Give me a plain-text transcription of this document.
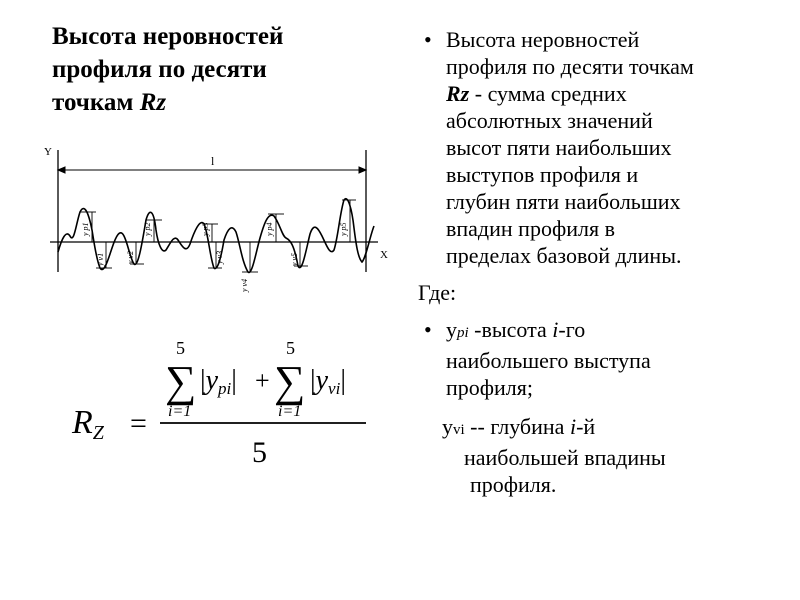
Высота неровностей
профиля по десяти
точкам Rz
Y
X
l
y p1	y p2	y p3	y p4	y p5
y v1	y v2	y v3
y v4
y v5
RZ =
5
∑
i=1
|ypi| +
5
∑
i=1
|yvi|
5
• Высота неровностей
профиля по десяти точкам
Rz - сумма средних
абсолютных значений
высот пяти наибольших
выступов профиля и
глубин пяти наибольших
впадин профиля в
пределах базовой длины.
Где:
• ypi -высота i-го
наибольшего выступа
профиля;
yvi -- глубина i-й
наибольшей впадины
профиля.
